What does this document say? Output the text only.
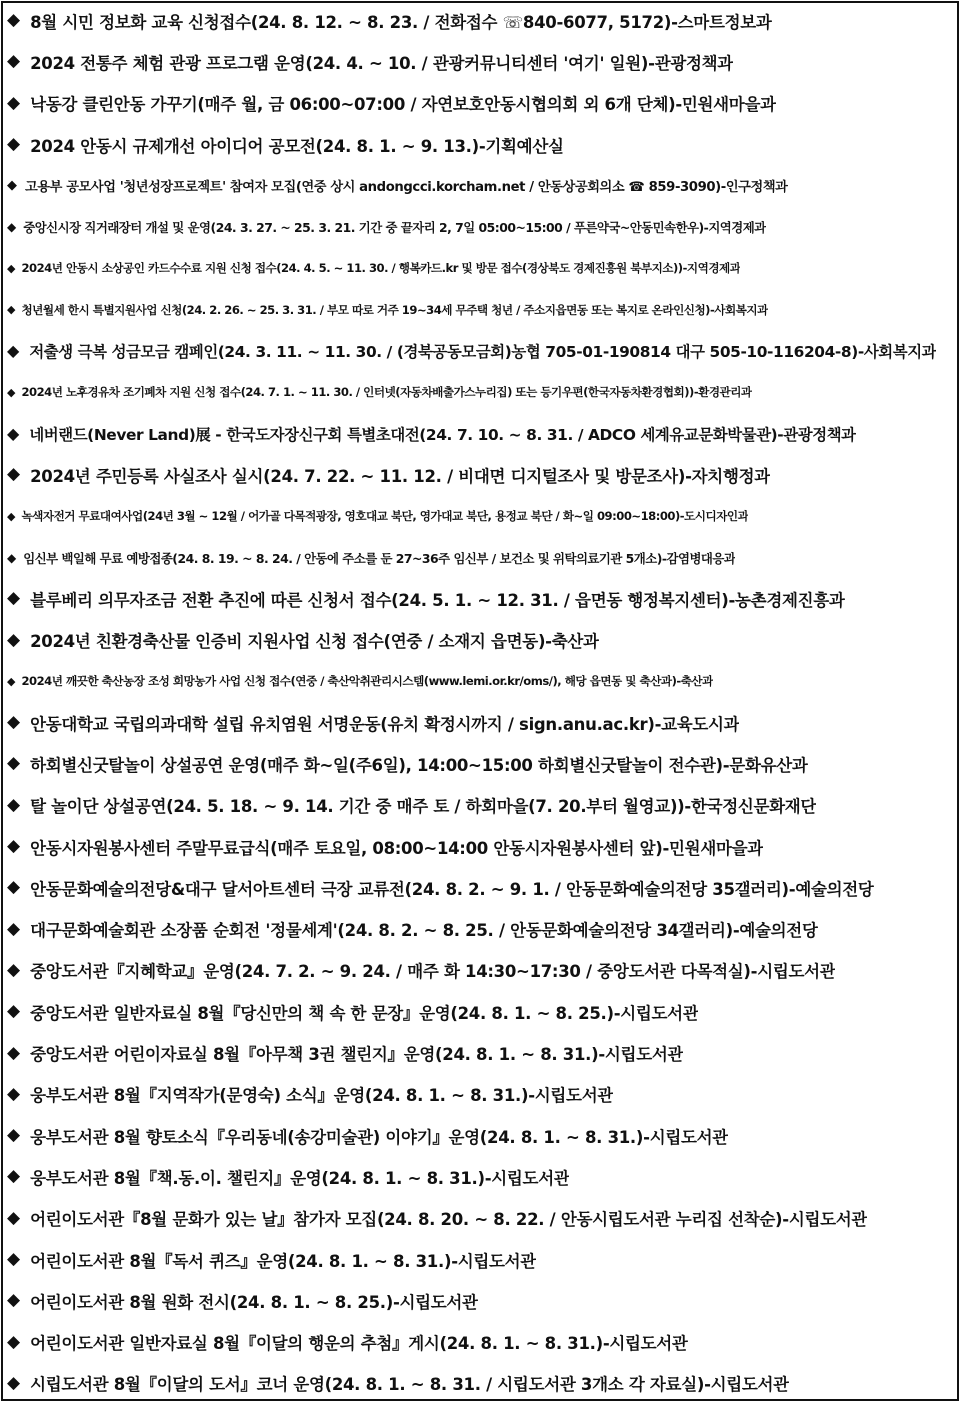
◆ 8월 시민 정보화 교육 신청접수(24. 8. 12. ~ 8. 23. / 전화접수 ☏840-6077, 5172)-스마트정보과
◆ 2024 전통주 체험 관광 프로그램 운영(24. 4. ~ 10. / 관광커뮤니티센터 '여기' 일원)-관광정책과
◆ 낙동강 클린안동 가꾸기(매주 월, 금 06:00~07:00 / 자연보호안동시협의회 외 6개 단체)-민원새마을과
◆ 2024 안동시 규제개선 아이디어 공모전(24. 8. 1. ~ 9. 13.)-기획예산실
◆ 고용부 공모사업 '청년성장프로젝트' 참여자 모집(연중 상시 andongcci.korcham.net / 안동상공회의소 ☎ 859-3090)-인구정책과
◆ 중앙신시장 직거래장터 개설 및 운영(24. 3. 27. ~ 25. 3. 21. 기간 중 끝자리 2, 7일 05:00~15:00 / 푸른약국~안동민속한우)-지역경제과
◆ 2024년 안동시 소상공인 카드수수료 지원 신청 접수(24. 4. 5. ~ 11. 30. / 행복카드.kr 및 방문 접수(경상북도 경제진흥원 북부지소))-지역경제과
◆ 청년월세 한시 특별지원사업 신청(24. 2. 26. ~ 25. 3. 31. / 부모 따로 거주 19~34세 무주택 청년 / 주소지읍면동 또는 복지로 온라인신청)-사회복지과
◆ 저출생 극복 성금모금 캠페인(24. 3. 11. ~ 11. 30. / (경북공동모금회)농협 705-01-190814 대구 505-10-116204-8)-사회복지과
◆ 2024년 노후경유차 조기폐차 지원 신청 접수(24. 7. 1. ~ 11. 30. / 인터넷(자동차배출가스누리집) 또는 등기우편(한국자동차환경협회))-환경관리과
◆ 네버랜드(Never Land)展 - 한국도자장신구회 특별초대전(24. 7. 10. ~ 8. 31. / ADCO 세계유교문화박물관)-관광정책과
◆ 2024년 주민등록 사실조사 실시(24. 7. 22. ~ 11. 12. / 비대면 디지털조사 및 방문조사)-자치행정과
◆ 녹색자전거 무료대여사업(24년 3월 ~ 12월 / 어가골 다목적광장, 영호대교 북단, 영가대교 북단, 용정교 북단 / 화~일 09:00~18:00)-도시디자인과
◆ 임신부 백일해 무료 예방접종(24. 8. 19. ~ 8. 24. / 안동에 주소를 둔 27~36주 임신부 / 보건소 및 위탁의료기관 5개소)-감염병대응과
◆ 블루베리 의무자조금 전환 추진에 따른 신청서 접수(24. 5. 1. ~ 12. 31. / 읍면동 행정복지센터)-농촌경제진흥과
◆ 2024년 친환경축산물 인증비 지원사업 신청 접수(연중 / 소재지 읍면동)-축산과
◆ 2024년 깨끗한 축산농장 조성 희망농가 사업 신청 접수(연중 / 축산악취관리시스템(www.lemi.or.kr/oms/), 해당 읍면동 및 축산과)-축산과
◆ 안동대학교 국립의과대학 설립 유치염원 서명운동(유치 확정시까지 / sign.anu.ac.kr)-교육도시과
◆ 하회별신굿탈놀이 상설공연 운영(매주 화~일(주6일), 14:00~15:00 하회별신굿탈놀이 전수관)-문화유산과
◆ 탈 놀이단 상설공연(24. 5. 18. ~ 9. 14. 기간 중 매주 토 / 하회마을(7. 20.부터 월영교))-한국정신문화재단
◆ 안동시자원봉사센터 주말무료급식(매주 토요일, 08:00~14:00 안동시자원봉사센터 앞)-민원새마을과
◆ 안동문화예술의전당&대구 달서아트센터 극장 교류전(24. 8. 2. ~ 9. 1. / 안동문화예술의전당 35갤러리)-예술의전당
◆ 대구문화예술회관 소장품 순회전 '정물세계'(24. 8. 2. ~ 8. 25. / 안동문화예술의전당 34갤러리)-예술의전당
◆ 중앙도서관『지혜학교』운영(24. 7. 2. ~ 9. 24. / 매주 화 14:30~17:30 / 중앙도서관 다목적실)-시립도서관
◆ 중앙도서관 일반자료실 8월『당신만의 책 속 한 문장』운영(24. 8. 1. ~ 8. 25.)-시립도서관
◆ 중앙도서관 어린이자료실 8월『아무책 3권 챌린지』운영(24. 8. 1. ~ 8. 31.)-시립도서관
◆ 웅부도서관 8월『지역작가(문영숙) 소식』운영(24. 8. 1. ~ 8. 31.)-시립도서관
◆ 웅부도서관 8월 향토소식『우리동네(송강미술관) 이야기』운영(24. 8. 1. ~ 8. 31.)-시립도서관
◆ 웅부도서관 8월『책.동.이. 챌린지』운영(24. 8. 1. ~ 8. 31.)-시립도서관
◆ 어린이도서관『8월 문화가 있는 날』참가자 모집(24. 8. 20. ~ 8. 22. / 안동시립도서관 누리집 선착순)-시립도서관
◆ 어린이도서관 8월『독서 퀴즈』운영(24. 8. 1. ~ 8. 31.)-시립도서관
◆ 어린이도서관 8월 원화 전시(24. 8. 1. ~ 8. 25.)-시립도서관
◆ 어린이도서관 일반자료실 8월『이달의 행운의 추첨』게시(24. 8. 1. ~ 8. 31.)-시립도서관
◆ 시립도서관 8월『이달의 도서』코너 운영(24. 8. 1. ~ 8. 31. / 시립도서관 3개소 각 자료실)-시립도서관
